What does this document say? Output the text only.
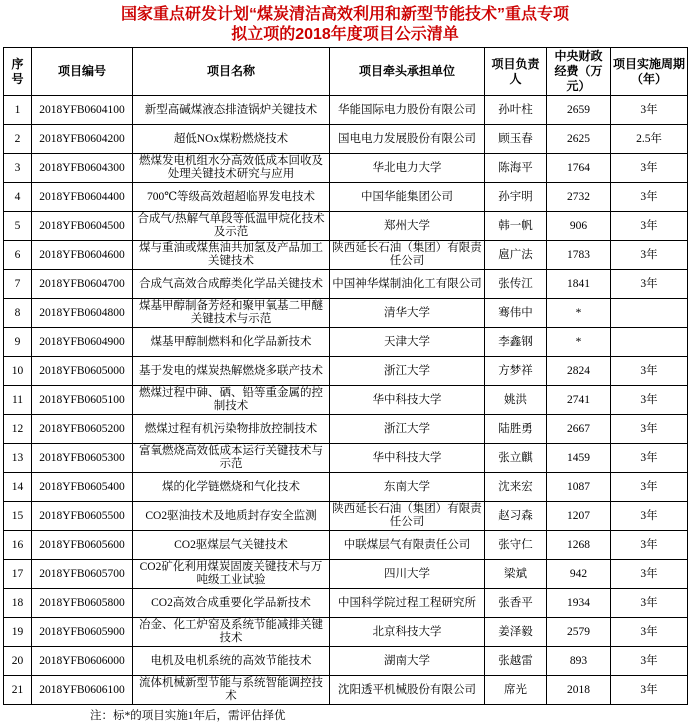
国家重点研发计划“煤炭清洁高效利用和新型节能技术”重点专项
拟立项的2018年度项目公示清单
序号	项目编号	项目名称	项目牵头承担单位	项目负责人	中央财政经费（万元）	项目实施周期（年）
1	2018YFB0604100	新型高碱煤液态排渣锅炉关键技术	华能国际电力股份有限公司	孙叶柱	2659	3年
2	2018YFB0604200	超低NOx煤粉燃烧技术	国电电力发展股份有限公司	顾玉春	2625	2.5年
3	2018YFB0604300	燃煤发电机组水分高效低成本回收及处理关键技术研究与应用	华北电力大学	陈海平	1764	3年
4	2018YFB0604400	700℃等级高效超超临界发电技术	中国华能集团公司	孙宇明	2732	3年
5	2018YFB0604500	合成气/热解气单段等低温甲烷化技术及示范	郑州大学	韩一帆	906	3年
6	2018YFB0604600	煤与重油或煤焦油共加氢及产品加工关键技术	陕西延长石油（集团）有限责任公司	扈广法	1783	3年
7	2018YFB0604700	合成气高效合成醇类化学品关键技术	中国神华煤制油化工有限公司	张传江	1841	3年
8	2018YFB0604800	煤基甲醇制备芳烃和聚甲氧基二甲醚关键技术与示范	清华大学	骞伟中	*	
9	2018YFB0604900	煤基甲醇制燃料和化学品新技术	天津大学	李鑫钢	*	
10	2018YFB0605000	基于发电的煤炭热解燃烧多联产技术	浙江大学	方梦祥	2824	3年
11	2018YFB0605100	燃煤过程中砷、硒、铅等重金属的控制技术	华中科技大学	姚洪	2741	3年
12	2018YFB0605200	燃煤过程有机污染物排放控制技术	浙江大学	陆胜勇	2667	3年
13	2018YFB0605300	富氧燃烧高效低成本运行关键技术与示范	华中科技大学	张立麒	1459	3年
14	2018YFB0605400	煤的化学链燃烧和气化技术	东南大学	沈来宏	1087	3年
15	2018YFB0605500	CO2驱油技术及地质封存安全监测	陕西延长石油（集团）有限责任公司	赵习森	1207	3年
16	2018YFB0605600	CO2驱煤层气关键技术	中联煤层气有限责任公司	张守仁	1268	3年
17	2018YFB0605700	CO2矿化利用煤炭固废关键技术与万吨级工业试验	四川大学	梁斌	942	3年
18	2018YFB0605800	CO2高效合成重要化学品新技术	中国科学院过程工程研究所	张香平	1934	3年
19	2018YFB0605900	冶金、化工炉窑及系统节能减排关键技术	北京科技大学	姜泽毅	2579	3年
20	2018YFB0606000	电机及电机系统的高效节能技术	湖南大学	张越雷	893	3年
21	2018YFB0606100	流体机械新型节能与系统智能调控技术	沈阳透平机械股份有限公司	席光	2018	3年
注：标*的项目实施1年后，需评估择优
